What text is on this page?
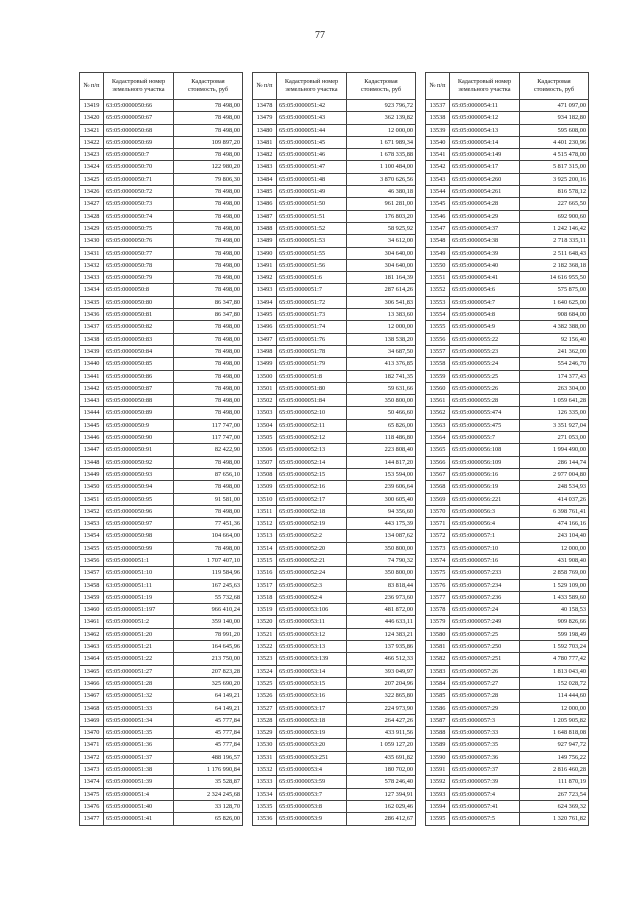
77
№ п/п	Кадастровый номер земельного участка	Кадастровая стоимость, руб
13419	63:05:0000050:66	78 498,00
13420	65:05:0000050:67	78 498,00
13421	65:05:0000050:68	78 498,00
13422	65:05:0000050:69	109 897,20
13423	65:05:0000050:7	78 498,00
13424	65:05:0000050:70	122 980,20
13425	65:05:0000050:71	79 806,30
13426	65:05:0000050:72	78 498,00
13427	65:05:0000050:73	78 498,00
13428	65:05:0000050:74	78 498,00
13429	65:05:0000050:75	78 498,00
13430	65:05:0000050:76	78 498,00
13431	65:05:0000050:77	78 498,00
13432	65:05:0000050:78	78 498,00
13433	65:05:0000050:79	78 498,00
13434	65:05:0000050:8	78 498,00
13435	65:05:0000050:80	86 347,80
13436	65:05:0000050:81	86 347,80
13437	65:05:0000050:82	78 498,00
13438	65:05:0000050:83	78 498,00
13439	65:05:0000050:84	78 498,00
13440	65:05:0000050:85	78 498,00
13441	65:05:0000050:86	78 498,00
13442	65:05:0000050:87	78 498,00
13443	65:05:0000050:88	78 498,00
13444	65:05:0000050:89	78 498,00
13445	65:05:0000050:9	117 747,00
13446	65:05:0000050:90	117 747,00
13447	65:05:0000050:91	82 422,90
13448	65:05:0000050:92	78 498,00
13449	65:05:0000050:93	87 656,10
13450	65:05:0000050:94	78 498,00
13451	65:05:0000050:95	91 581,00
13452	65:05:0000050:96	78 498,00
13453	65:05:0000050:97	77 451,36
13454	65:05:0000050:98	104 664,00
13455	65:05:0000050:99	78 498,00
13456	65:05:0000051:1	1 707 407,10
13457	65:05:0000051:10	119 584,96
13458	63:05:0000051:11	167 245,63
13459	65:05:0000051:19	55 732,68
13460	65:05:0000051:197	966 410,24
13461	65:05:0000051:2	359 140,00
13462	65:05:0000051:20	78 991,20
13463	65:05:0000051:21	164 645,96
13464	65:05:0000051:22	213 750,00
13465	65:05:0000051:27	207 823,28
13466	65:05:0000051:28	325 690,20
13467	65:05:0000051:32	64 149,21
13468	65:05:0000051:33	64 149,21
13469	65:05:0000051:34	45 777,84
13470	65:05:0000051:35	45 777,84
13471	65:05:0000051:36	45 777,84
13472	65:05:0000051:37	488 196,57
13473	65:05:0000051:38	1 176 990,84
13474	65:05:0000051:39	35 528,87
13475	65:05:0000051:4	2 324 245,68
13476	65:05:0000051:40	33 128,70
13477	65:05:0000051:41	65 826,00
№ п/п	Кадастровый номер земельного участка	Кадастровая стоимость, руб
13478	65:05:0000051:42	923 796,72
13479	65:05:0000051:43	362 139,82
13480	65:05:0000051:44	12 000,00
13481	65:05:0000051:45	1 671 989,34
13482	65:05:0000051:46	1 678 335,88
13483	65:05:0000051:47	1 100 484,00
13484	65:05:0000051:48	3 870 626,56
13485	65:05:0000051:49	46 380,18
13486	65:05:0000051:50	961 281,00
13487	65:05:0000051:51	176 803,20
13488	65:05:0000051:52	58 925,92
13489	65:05:0000051:53	34 612,00
13490	65:05:0000051:55	304 640,00
13491	65:05:0000051:56	304 640,00
13492	65:05:0000051:6	181 164,39
13493	65:05:0000051:7	287 614,26
13494	65:05:0000051:72	306 541,83
13495	65:05:0000051:73	13 383,60
13496	65:05:0000051:74	12 000,00
13497	65:05:0000051:76	138 538,20
13498	65:05:0000051:78	34 687,50
13499	65:05:0000051:79	413 376,85
13500	65:05:0000051:8	182 741,35
13501	65:05:0000051:80	59 631,66
13502	65:05:0000051:84	350 800,00
13503	65:05:0000052:10	50 466,60
13504	65:05:0000052:11	65 826,00
13505	65:05:0000052:12	118 486,80
13506	65:05:0000052:13	223 808,40
13507	65:05:0000052:14	144 817,20
13508	65:05:0000052:15	153 594,00
13509	65:05:0000052:16	239 606,64
13510	65:05:0000052:17	300 605,40
13511	65:05:0000052:18	94 356,60
13512	65:05:0000052:19	443 175,39
13513	65:05:0000052:2	134 087,62
13514	65:05:0000052:20	350 800,00
13515	65:05:0000052:21	74 790,32
13516	65:05:0000052:24	350 800,00
13517	65:05:0000052:3	83 818,44
13518	65:05:0000052:4	236 973,60
13519	65:05:0000053:106	481 872,00
13520	65:05:0000053:11	446 633,11
13521	65:05:0000053:12	124 383,21
13522	65:05:0000053:13	137 935,86
13523	65:05:0000053:139	466 512,33
13524	65:05:0000053:14	393 049,97
13525	65:05:0000053:15	207 204,96
13526	65:05:0000053:16	322 865,80
13527	65:05:0000053:17	224 973,90
13528	65:05:0000053:18	264 427,26
13529	65:05:0000053:19	433 911,56
13530	65:05:0000053:20	1 059 127,20
13531	65:05:0000053:251	435 691,82
13532	65:05:0000053:4	180 702,00
13533	65:05:0000053:59	578 246,40
13534	65:05:0000053:7	127 394,91
13535	65:05:0000053:8	162 029,46
13536	65:05:0000053:9	286 412,67
№ п/п	Кадастровый номер земельного участка	Кадастровая стоимость, руб
13537	65:05:0000054:11	471 097,00
13538	65:05:0000054:12	934 182,80
13539	65:05:0000054:13	595 608,00
13540	65:05:0000054:14	4 401 230,96
13541	65:05:0000054:149	4 515 478,00
13542	65:05:0000054:17	5 817 315,00
13543	65:05:0000054:260	3 925 200,16
13544	65:05:0000054:261	816 578,12
13545	65:05:0000054:28	227 665,50
13546	65:05:0000054:29	692 900,60
13547	65:05:0000054:37	1 242 146,42
13548	65:05:0000054:38	2 718 335,11
13549	65:05:0000054:39	2 511 648,43
13550	65:05:0000054:40	2 182 368,18
13551	65:05:0000054:41	14 616 955,50
13552	65:05:0000054:6	575 875,00
13553	65:05:0000054:7	1 640 625,00
13554	65:05:0000054:8	908 684,00
13555	65:05:0000054:9	4 382 388,00
13556	65:05:0000055:22	92 156,40
13557	65:05:0000055:23	241 362,00
13558	65:05:0000055:24	554 246,70
13559	65:05:0000055:25	174 377,43
13560	65:05:0000055:26	263 304,00
13561	65:05:0000055:28	1 059 641,28
13562	65:05:0000055:474	126 335,00
13563	65:05:0000055:475	3 351 927,04
13564	65:05:0000055:7	271 053,00
13565	65:05:0000056:108	1 994 490,00
13566	65:05:0000056:109	286 144,74
13567	65:05:0000056:16	2 977 004,80
13568	65:05:0000056:19	248 534,93
13569	65:05:0000056:221	414 037,26
13570	65:05:0000056:3	6 398 761,41
13571	65:05:0000056:4	474 166,16
13572	65:05:0000057:1	243 104,40
13573	65:05:0000057:10	12 000,00
13574	65:05:0000057:16	431 908,40
13575	65:05:0000057:233	2 858 769,00
13576	65:05:0000057:234	1 529 109,00
13577	65:05:0000057:236	1 433 589,60
13578	65:05:0000057:24	40 158,53
13579	65:05:0000057:249	909 826,66
13580	65:05:0000057:25	599 198,49
13581	65:05:0000057:250	1 592 703,24
13582	65:05:0000057:251	4 780 777,42
13583	65:05:0000057:26	1 813 043,40
13584	65:05:0000057:27	152 028,72
13585	65:05:0000057:28	114 444,60
13586	65:05:0000057:29	12 000,00
13587	65:05:0000057:3	1 205 905,82
13588	65:05:0000057:33	1 648 818,08
13589	65:05:0000057:35	927 947,72
13590	65:05:0000057:36	149 756,22
13591	65:05:0000057:37	2 816 460,28
13592	65:05:0000057:39	111 870,19
13593	65:05:0000057:4	267 723,54
13594	65:05:0000057:41	624 369,32
13595	65:05:0000057:5	1 320 761,82
